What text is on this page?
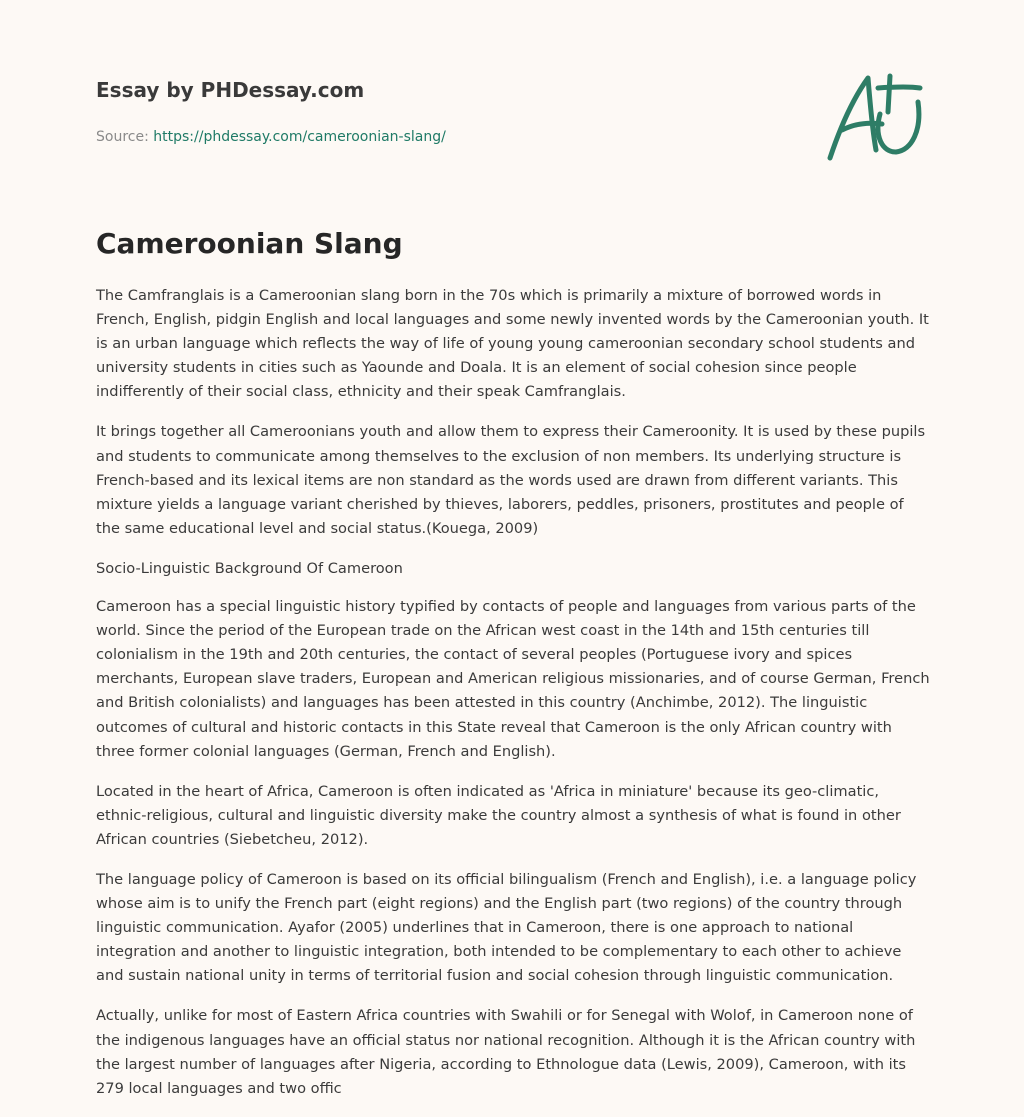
Essay by PHDessay.com
Source: https://phdessay.com/cameroonian-slang/
Cameroonian Slang

The Camfranglais is a Cameroonian slang born in the 70s which is primarily a mixture of borrowed words in French, English, pidgin English and local languages and some newly invented words by the Cameroonian youth. It is an urban language which reflects the way of life of young young cameroonian secondary school students and university students in cities such as Yaounde and Doala. It is an element of social cohesion since people indifferently of their social class, ethnicity and their speak Camfranglais.

It brings together all Cameroonians youth and allow them to express their Cameroonity. It is used by these pupils and students to communicate among themselves to the exclusion of non members. Its underlying structure is French-based and its lexical items are non standard as the words used are drawn from different variants. This mixture yields a language variant cherished by thieves, laborers, peddles, prisoners, prostitutes and people of the same educational level and social status.(Kouega, 2009)

Socio-Linguistic Background Of Cameroon

Cameroon has a special linguistic history typified by contacts of people and languages from various parts of the world. Since the period of the European trade on the African west coast in the 14th and 15th centuries till colonialism in the 19th and 20th centuries, the contact of several peoples (Portuguese ivory and spices merchants, European slave traders, European and American religious missionaries, and of course German, French and British colonialists) and languages has been attested in this country (Anchimbe, 2012). The linguistic outcomes of cultural and historic contacts in this State reveal that Cameroon is the only African country with three former colonial languages (German, French and English).

Located in the heart of Africa, Cameroon is often indicated as 'Africa in miniature' because its geo-climatic, ethnic-religious, cultural and linguistic diversity make the country almost a synthesis of what is found in other African countries (Siebetcheu, 2012).

The language policy of Cameroon is based on its official bilingualism (French and English), i.e. a language policy whose aim is to unify the French part (eight regions) and the English part (two regions) of the country through linguistic communication. Ayafor (2005) underlines that in Cameroon, there is one approach to national integration and another to linguistic integration, both intended to be complementary to each other to achieve and sustain national unity in terms of territorial fusion and social cohesion through linguistic communication.

Actually, unlike for most of Eastern Africa countries with Swahili or for Senegal with Wolof, in Cameroon none of the indigenous languages have an official status nor national recognition. Although it is the African country with the largest number of languages after Nigeria, according to Ethnologue data (Lewis, 2009), Cameroon, with its 279 local languages and two offic
